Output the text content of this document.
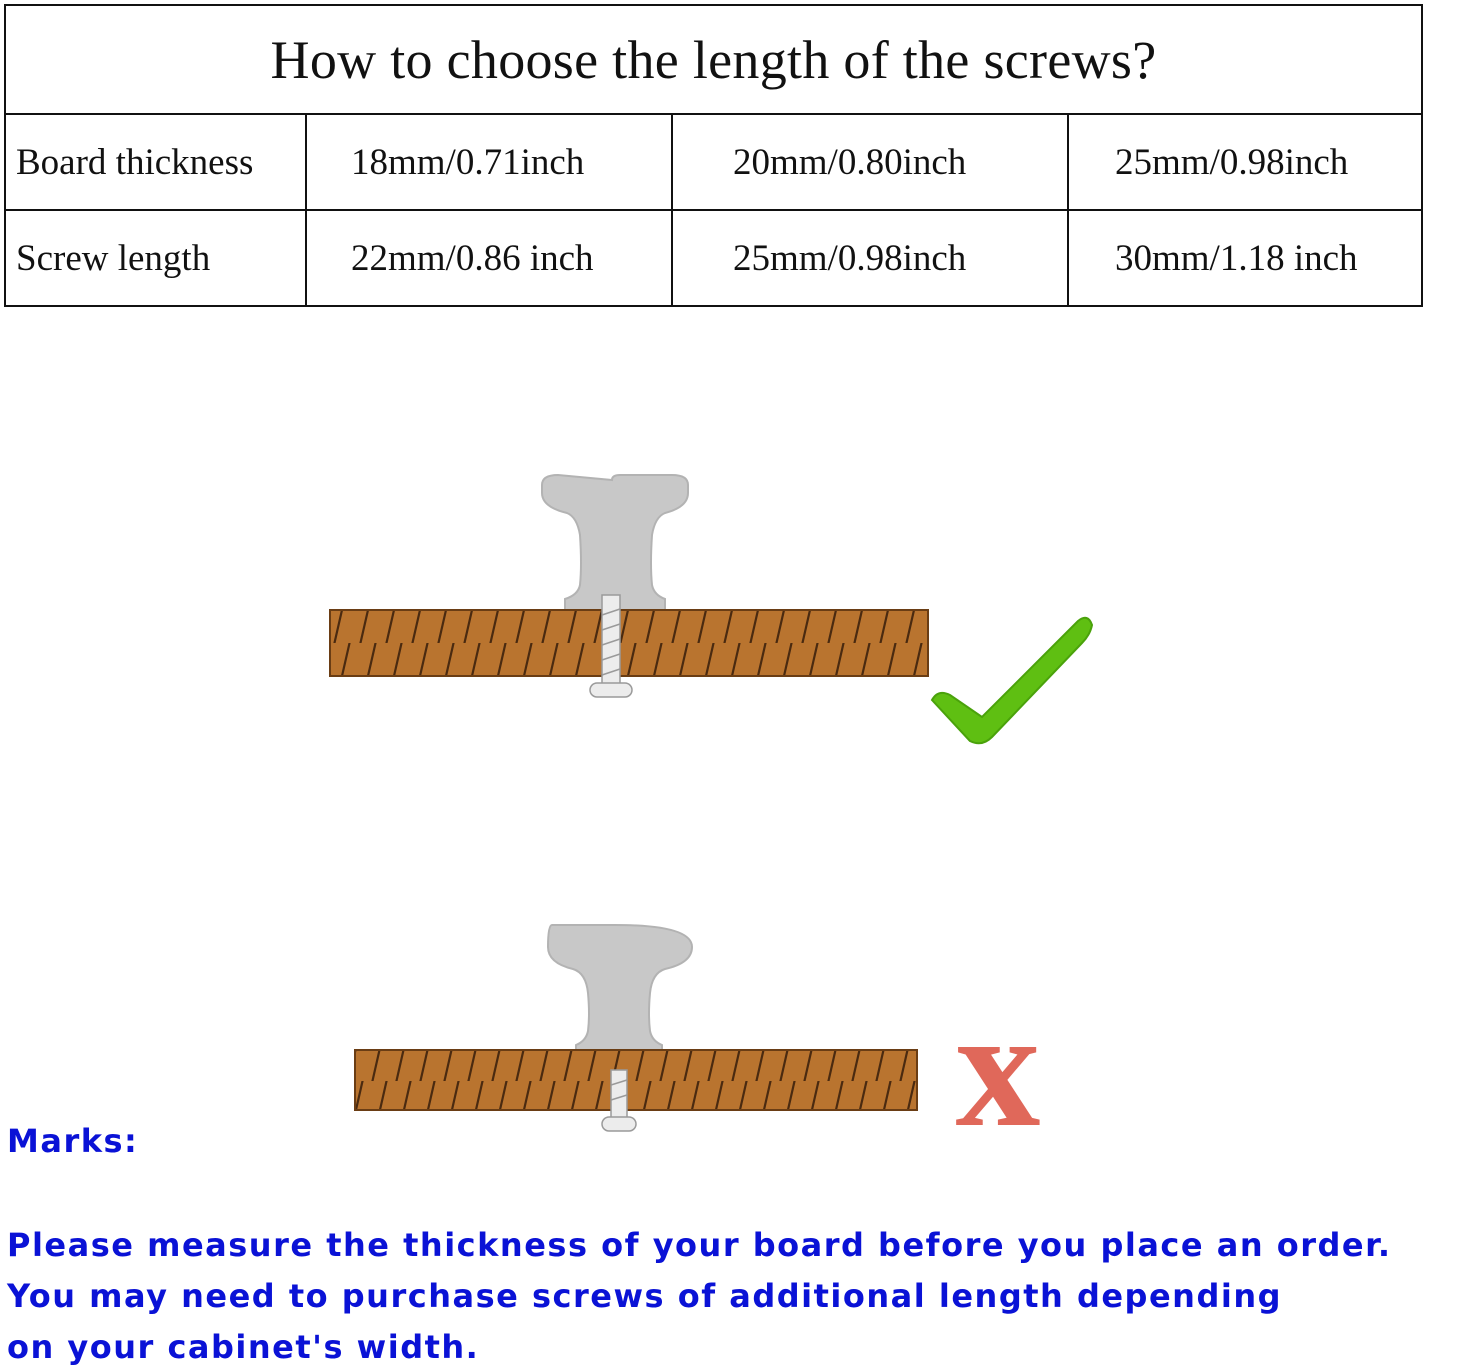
How to choose the length of the screws?			
Board thickness	18mm/0.71inch	20mm/0.80inch	25mm/0.98inch
Screw length	22mm/0.86 inch	25mm/0.98inch	30mm/1.18 inch
x

Marks:

Please measure the thickness of your board before you place an order.

You may need to purchase screws of additional length depending

on your cabinet's width.
